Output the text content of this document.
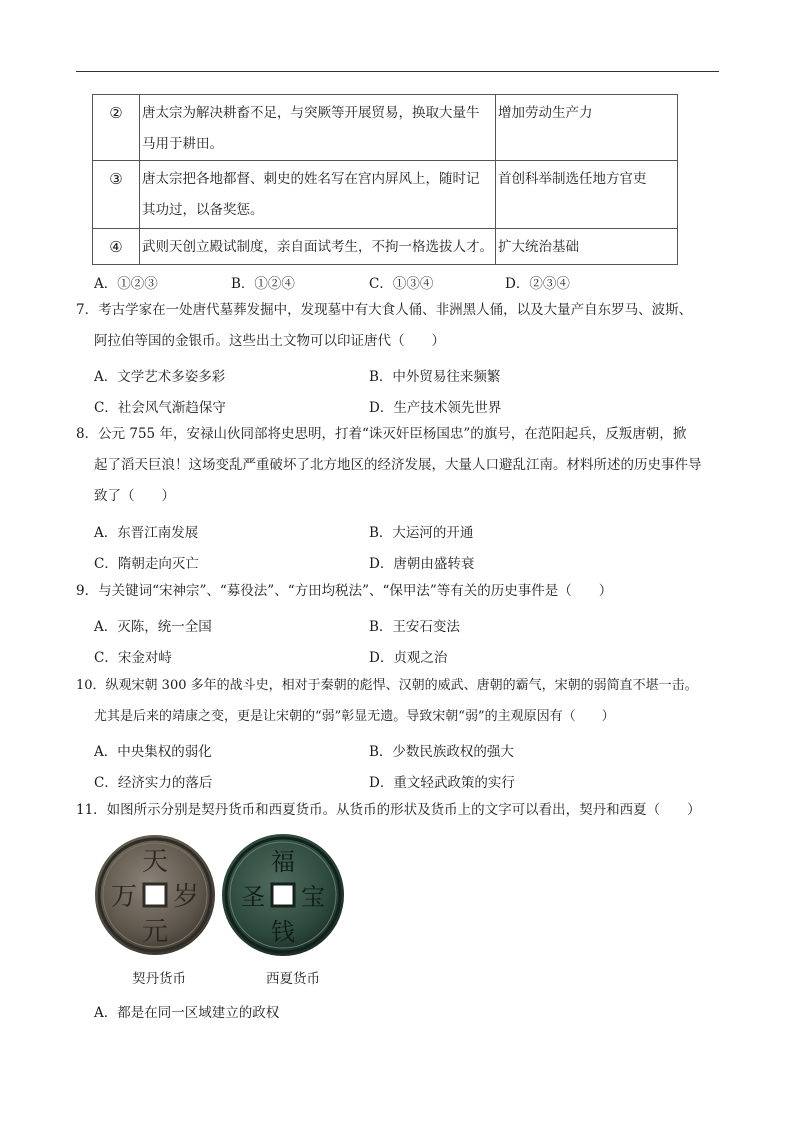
②	唐太宗为解决耕畜不足，与突厥等开展贸易，换取大量牛
马用于耕田。	增加劳动生产力
③	唐太宗把各地都督、刺史的姓名写在宫内屏风上，随时记
其功过，以备奖惩。	首创科举制选任地方官吏
④	武则天创立殿试制度，亲自面试考生，不拘一格选拔人才。	扩大统治基础
A．①②③	B．①②④	C．①③④	D．②③④
7．考古学家在一处唐代墓葬发掘中，发现墓中有大食人俑、非洲黑人俑，以及大量产自东罗马、波斯、
阿拉伯等国的金银币。这些出土文物可以印证唐代（　　）
A．文学艺术多姿多彩	B．中外贸易往来频繁
C．社会风气渐趋保守	D．生产技术领先世界
8．公元 755 年，安禄山伙同部将史思明，打着“诛灭奸臣杨国忠”的旗号，在范阳起兵，反叛唐朝，掀
起了滔天巨浪！这场变乱严重破坏了北方地区的经济发展，大量人口避乱江南。材料所述的历史事件导
致了（　　）
A．东晋江南发展	B．大运河的开通
C．隋朝走向灭亡	D．唐朝由盛转衰
9．与关键词“宋神宗”、“募役法”、“方田均税法”、“保甲法”等有关的历史事件是（　　）
A．灭陈，统一全国	B．王安石变法
C．宋金对峙	D．贞观之治
10．纵观宋朝 300 多年的战斗史，相对于秦朝的彪悍、汉朝的威武、唐朝的霸气，宋朝的弱简直不堪一击。
尤其是后来的靖康之变，更是让宋朝的“弱”彰显无遗。导致宋朝“弱”的主观原因有（　　）
A．中央集权的弱化	B．少数民族政权的强大
C．经济实力的落后	D．重文轻武政策的实行
11．如图所示分别是契丹货币和西夏货币。从货币的形状及货币上的文字可以看出，契丹和西夏（　　）
天
万 岁
元
福
圣 宝
钱
契丹货币	西夏货币
A．都是在同一区域建立的政权
